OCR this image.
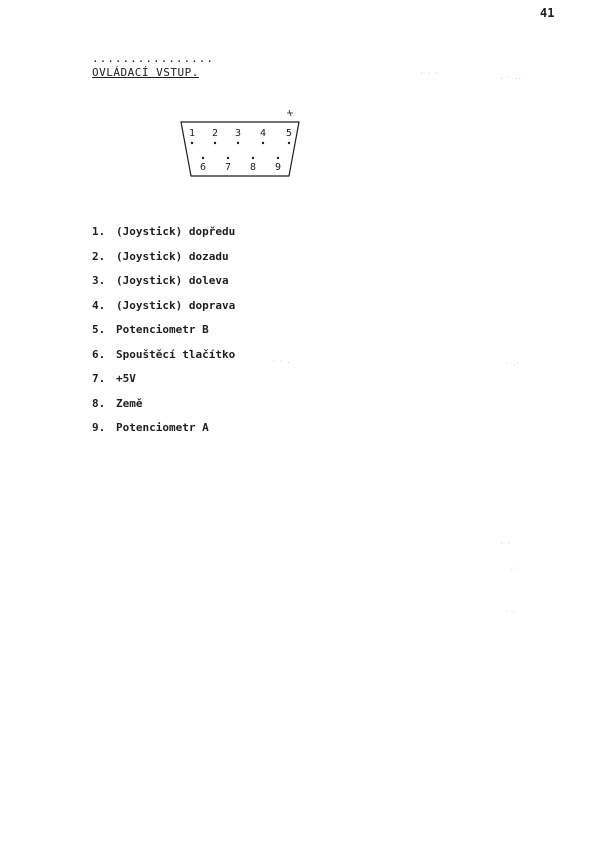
41
................
OVLÁDACÍ VSTUP.
1 2 3 4 5
6 7 8 9
1. (Joystick) dopředu
2. (Joystick) dozadu
3. (Joystick) doleva
4. (Joystick) doprava
5. Potenciometr B
6. Spouštěcí tlačítko
7. +5V
8. Země
9. Potenciometr A
· · ·
. · ..
· · .	· .·
· ·
.·
· .
